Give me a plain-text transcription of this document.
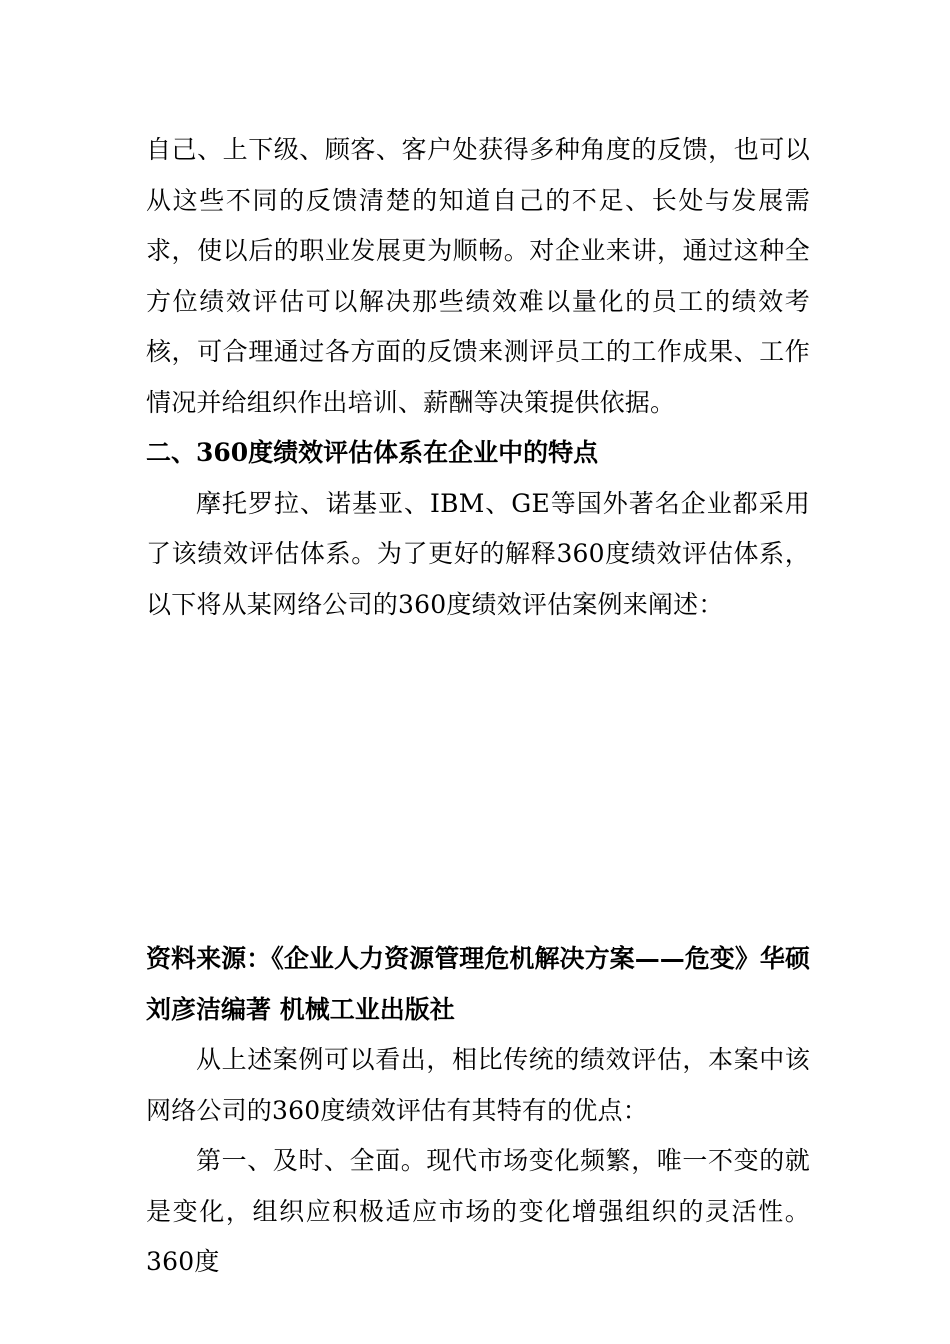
自己、上下级、顾客、客户处获得多种角度的反馈，也可以从这些不同的反馈清楚的知道自己的不足、长处与发展需求，使以后的职业发展更为顺畅。对企业来讲，通过这种全方位绩效评估可以解决那些绩效难以量化的员工的绩效考核，可合理通过各方面的反馈来测评员工的工作成果、工作情况并给组织作出培训、薪酬等决策提供依据。

二、360度绩效评估体系在企业中的特点

摩托罗拉、诺基亚、IBM、GE等国外著名企业都采用了该绩效评估体系。为了更好的解释360度绩效评估体系，以下将从某网络公司的360度绩效评估案例来阐述：

资料来源：《企业人力资源管理危机解决方案——危变》华硕 刘彦洁编著 机械工业出版社

从上述案例可以看出，相比传统的绩效评估，本案中该网络公司的360度绩效评估有其特有的优点：

第一、及时、全面。现代市场变化频繁，唯一不变的就是变化，组织应积极适应市场的变化增强组织的灵活性。360度
